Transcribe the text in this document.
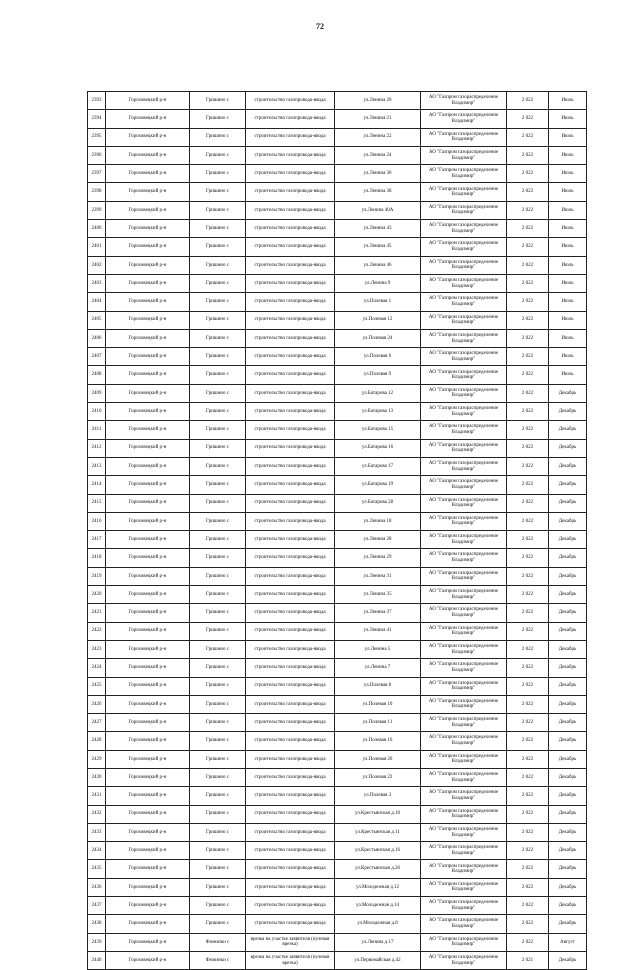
72
2393	Гороховецкий р-н	Гришино с	строительство газопровода-ввода	ул.Ленина 20	АО "Газпром газораспределение Владимир"	2 022	Июль
2394	Гороховецкий р-н	Гришино с	строительство газопровода-ввода	ул.Ленина 21	АО "Газпром газораспределение Владимир"	2 022	Июль
2395	Гороховецкий р-н	Гришино с	строительство газопровода-ввода	ул.Ленина 22	АО "Газпром газораспределение Владимир"	2 022	Июль
2396	Гороховецкий р-н	Гришино с	строительство газопровода-ввода	ул.Ленина 24	АО "Газпром газораспределение Владимир"	2 022	Июль
2397	Гороховецкий р-н	Гришино с	строительство газопровода-ввода	ул.Ленина 30	АО "Газпром газораспределение Владимир"	2 022	Июль
2398	Гороховецкий р-н	Гришино с	строительство газопровода-ввода	ул.Ленина 38	АО "Газпром газораспределение Владимир"	2 022	Июль
2399	Гороховецкий р-н	Гришино с	строительство газопровода-ввода	ул.Ленина 40А	АО "Газпром газораспределение Владимир"	2 022	Июль
2400	Гороховецкий р-н	Гришино с	строительство газопровода-ввода	ул.Ленина 43	АО "Газпром газораспределение Владимир"	2 022	Июль
2401	Гороховецкий р-н	Гришино с	строительство газопровода-ввода	ул.Ленина 45	АО "Газпром газораспределение Владимир"	2 022	Июль
2402	Гороховецкий р-н	Гришино с	строительство газопровода-ввода	ул.Ленина 46	АО "Газпром газораспределение Владимир"	2 022	Июль
2403	Гороховецкий р-н	Гришино с	строительство газопровода-ввода	ул.Ленина 9	АО "Газпром газораспределение Владимир"	2 022	Июль
2404	Гороховецкий р-н	Гришино с	строительство газопровода-ввода	ул.Полевая 1	АО "Газпром газораспределение Владимир"	2 022	Июль
2405	Гороховецкий р-н	Гришино с	строительство газопровода-ввода	ул.Полевая 12	АО "Газпром газораспределение Владимир"	2 022	Июль
2406	Гороховецкий р-н	Гришино с	строительство газопровода-ввода	ул.Полевая 24	АО "Газпром газораспределение Владимир"	2 022	Июль
2407	Гороховецкий р-н	Гришино с	строительство газопровода-ввода	ул.Полевая 6	АО "Газпром газораспределение Владимир"	2 022	Июль
2408	Гороховецкий р-н	Гришино с	строительство газопровода-ввода	ул.Полевая 9	АО "Газпром газораспределение Владимир"	2 022	Июль
2409	Гороховецкий р-н	Гришино с	строительство газопровода-ввода	ул.Батарова 12	АО "Газпром газораспределение Владимир"	2 022	Декабрь
2410	Гороховецкий р-н	Гришино с	строительство газопровода-ввода	ул.Батарова 13	АО "Газпром газораспределение Владимир"	2 022	Декабрь
2411	Гороховецкий р-н	Гришино с	строительство газопровода-ввода	ул.Батарова 15	АО "Газпром газораспределение Владимир"	2 022	Декабрь
2412	Гороховецкий р-н	Гришино с	строительство газопровода-ввода	ул.Батарова 16	АО "Газпром газораспределение Владимир"	2 022	Декабрь
2413	Гороховецкий р-н	Гришино с	строительство газопровода-ввода	ул.Батарова 17	АО "Газпром газораспределение Владимир"	2 022	Декабрь
2414	Гороховецкий р-н	Гришино с	строительство газопровода-ввода	ул.Батарова 19	АО "Газпром газораспределение Владимир"	2 022	Декабрь
2415	Гороховецкий р-н	Гришино с	строительство газопровода-ввода	ул.Батарова 28	АО "Газпром газораспределение Владимир"	2 022	Декабрь
2416	Гороховецкий р-н	Гришино с	строительство газопровода-ввода	ул.Ленина 18	АО "Газпром газораспределение Владимир"	2 022	Декабрь
2417	Гороховецкий р-н	Гришино с	строительство газопровода-ввода	ул.Ленина 28	АО "Газпром газораспределение Владимир"	2 022	Декабрь
2418	Гороховецкий р-н	Гришино с	строительство газопровода-ввода	ул.Ленина 29	АО "Газпром газораспределение Владимир"	2 022	Декабрь
2419	Гороховецкий р-н	Гришино с	строительство газопровода-ввода	ул.Ленина 31	АО "Газпром газораспределение Владимир"	2 022	Декабрь
2420	Гороховецкий р-н	Гришино с	строительство газопровода-ввода	ул.Ленина 35	АО "Газпром газораспределение Владимир"	2 022	Декабрь
2421	Гороховецкий р-н	Гришино с	строительство газопровода-ввода	ул.Ленина 37	АО "Газпром газораспределение Владимир"	2 022	Декабрь
2422	Гороховецкий р-н	Гришино с	строительство газопровода-ввода	ул.Ленина 41	АО "Газпром газораспределение Владимир"	2 022	Декабрь
2423	Гороховецкий р-н	Гришино с	строительство газопровода-ввода	ул.Ленина 5	АО "Газпром газораспределение Владимир"	2 022	Декабрь
2424	Гороховецкий р-н	Гришино с	строительство газопровода-ввода	ул.Ленина 7	АО "Газпром газораспределение Владимир"	2 022	Декабрь
2425	Гороховецкий р-н	Гришино с	строительство газопровода-ввода	ул.Полевая 8	АО "Газпром газораспределение Владимир"	2 022	Декабрь
2426	Гороховецкий р-н	Гришино с	строительство газопровода-ввода	ул.Полевая 10	АО "Газпром газораспределение Владимир"	2 022	Декабрь
2427	Гороховецкий р-н	Гришино с	строительство газопровода-ввода	ул.Полевая 11	АО "Газпром газораспределение Владимир"	2 022	Декабрь
2428	Гороховецкий р-н	Гришино с	строительство газопровода-ввода	ул.Полевая 16	АО "Газпром газораспределение Владимир"	2 022	Декабрь
2429	Гороховецкий р-н	Гришино с	строительство газопровода-ввода	ул.Полевая 20	АО "Газпром газораспределение Владимир"	2 022	Декабрь
2430	Гороховецкий р-н	Гришино с	строительство газопровода-ввода	ул.Полевая 22	АО "Газпром газораспределение Владимир"	2 022	Декабрь
2431	Гороховецкий р-н	Гришино с	строительство газопровода-ввода	ул.Полевая 3	АО "Газпром газораспределение Владимир"	2 022	Декабрь
2432	Гороховецкий р-н	Гришино с	строительство газопровода-ввода	ул.Крестьянская д.10	АО "Газпром газораспределение Владимир"	2 022	Декабрь
2433	Гороховецкий р-н	Гришино с	строительство газопровода-ввода	ул.Крестьянская д.11	АО "Газпром газораспределение Владимир"	2 022	Декабрь
2434	Гороховецкий р-н	Гришино с	строительство газопровода-ввода	ул.Крестьянская д.16	АО "Газпром газораспределение Владимир"	2 022	Декабрь
2435	Гороховецкий р-н	Гришино с	строительство газопровода-ввода	ул.Крестьянская д.26	АО "Газпром газораспределение Владимир"	2 022	Декабрь
2436	Гороховецкий р-н	Гришино с	строительство газопровода-ввода	ул.Молодежная д.12	АО "Газпром газораспределение Владимир"	2 022	Декабрь
2437	Гороховецкий р-н	Гришино с	строительство газопровода-ввода	ул.Молодежная д.14	АО "Газпром газораспределение Владимир"	2 022	Декабрь
2438	Гороховецкий р-н	Гришино с	строительство газопровода-ввода	ул.Молодежная д.8	АО "Газпром газораспределение Владимир"	2 022	Декабрь
2439	Гороховецкий р-н	Фоминки с	врезка на участке заявителя (нулевая врезка)	ул.Ленина д.17	АО "Газпром газораспределение Владимир"	2 022	Август
2440	Гороховецкий р-н	Фоминки с	врезка на участке заявителя (нулевая врезка)	ул.Первомайская д.42	АО "Газпром газораспределение Владимир"	2 021	Декабрь
